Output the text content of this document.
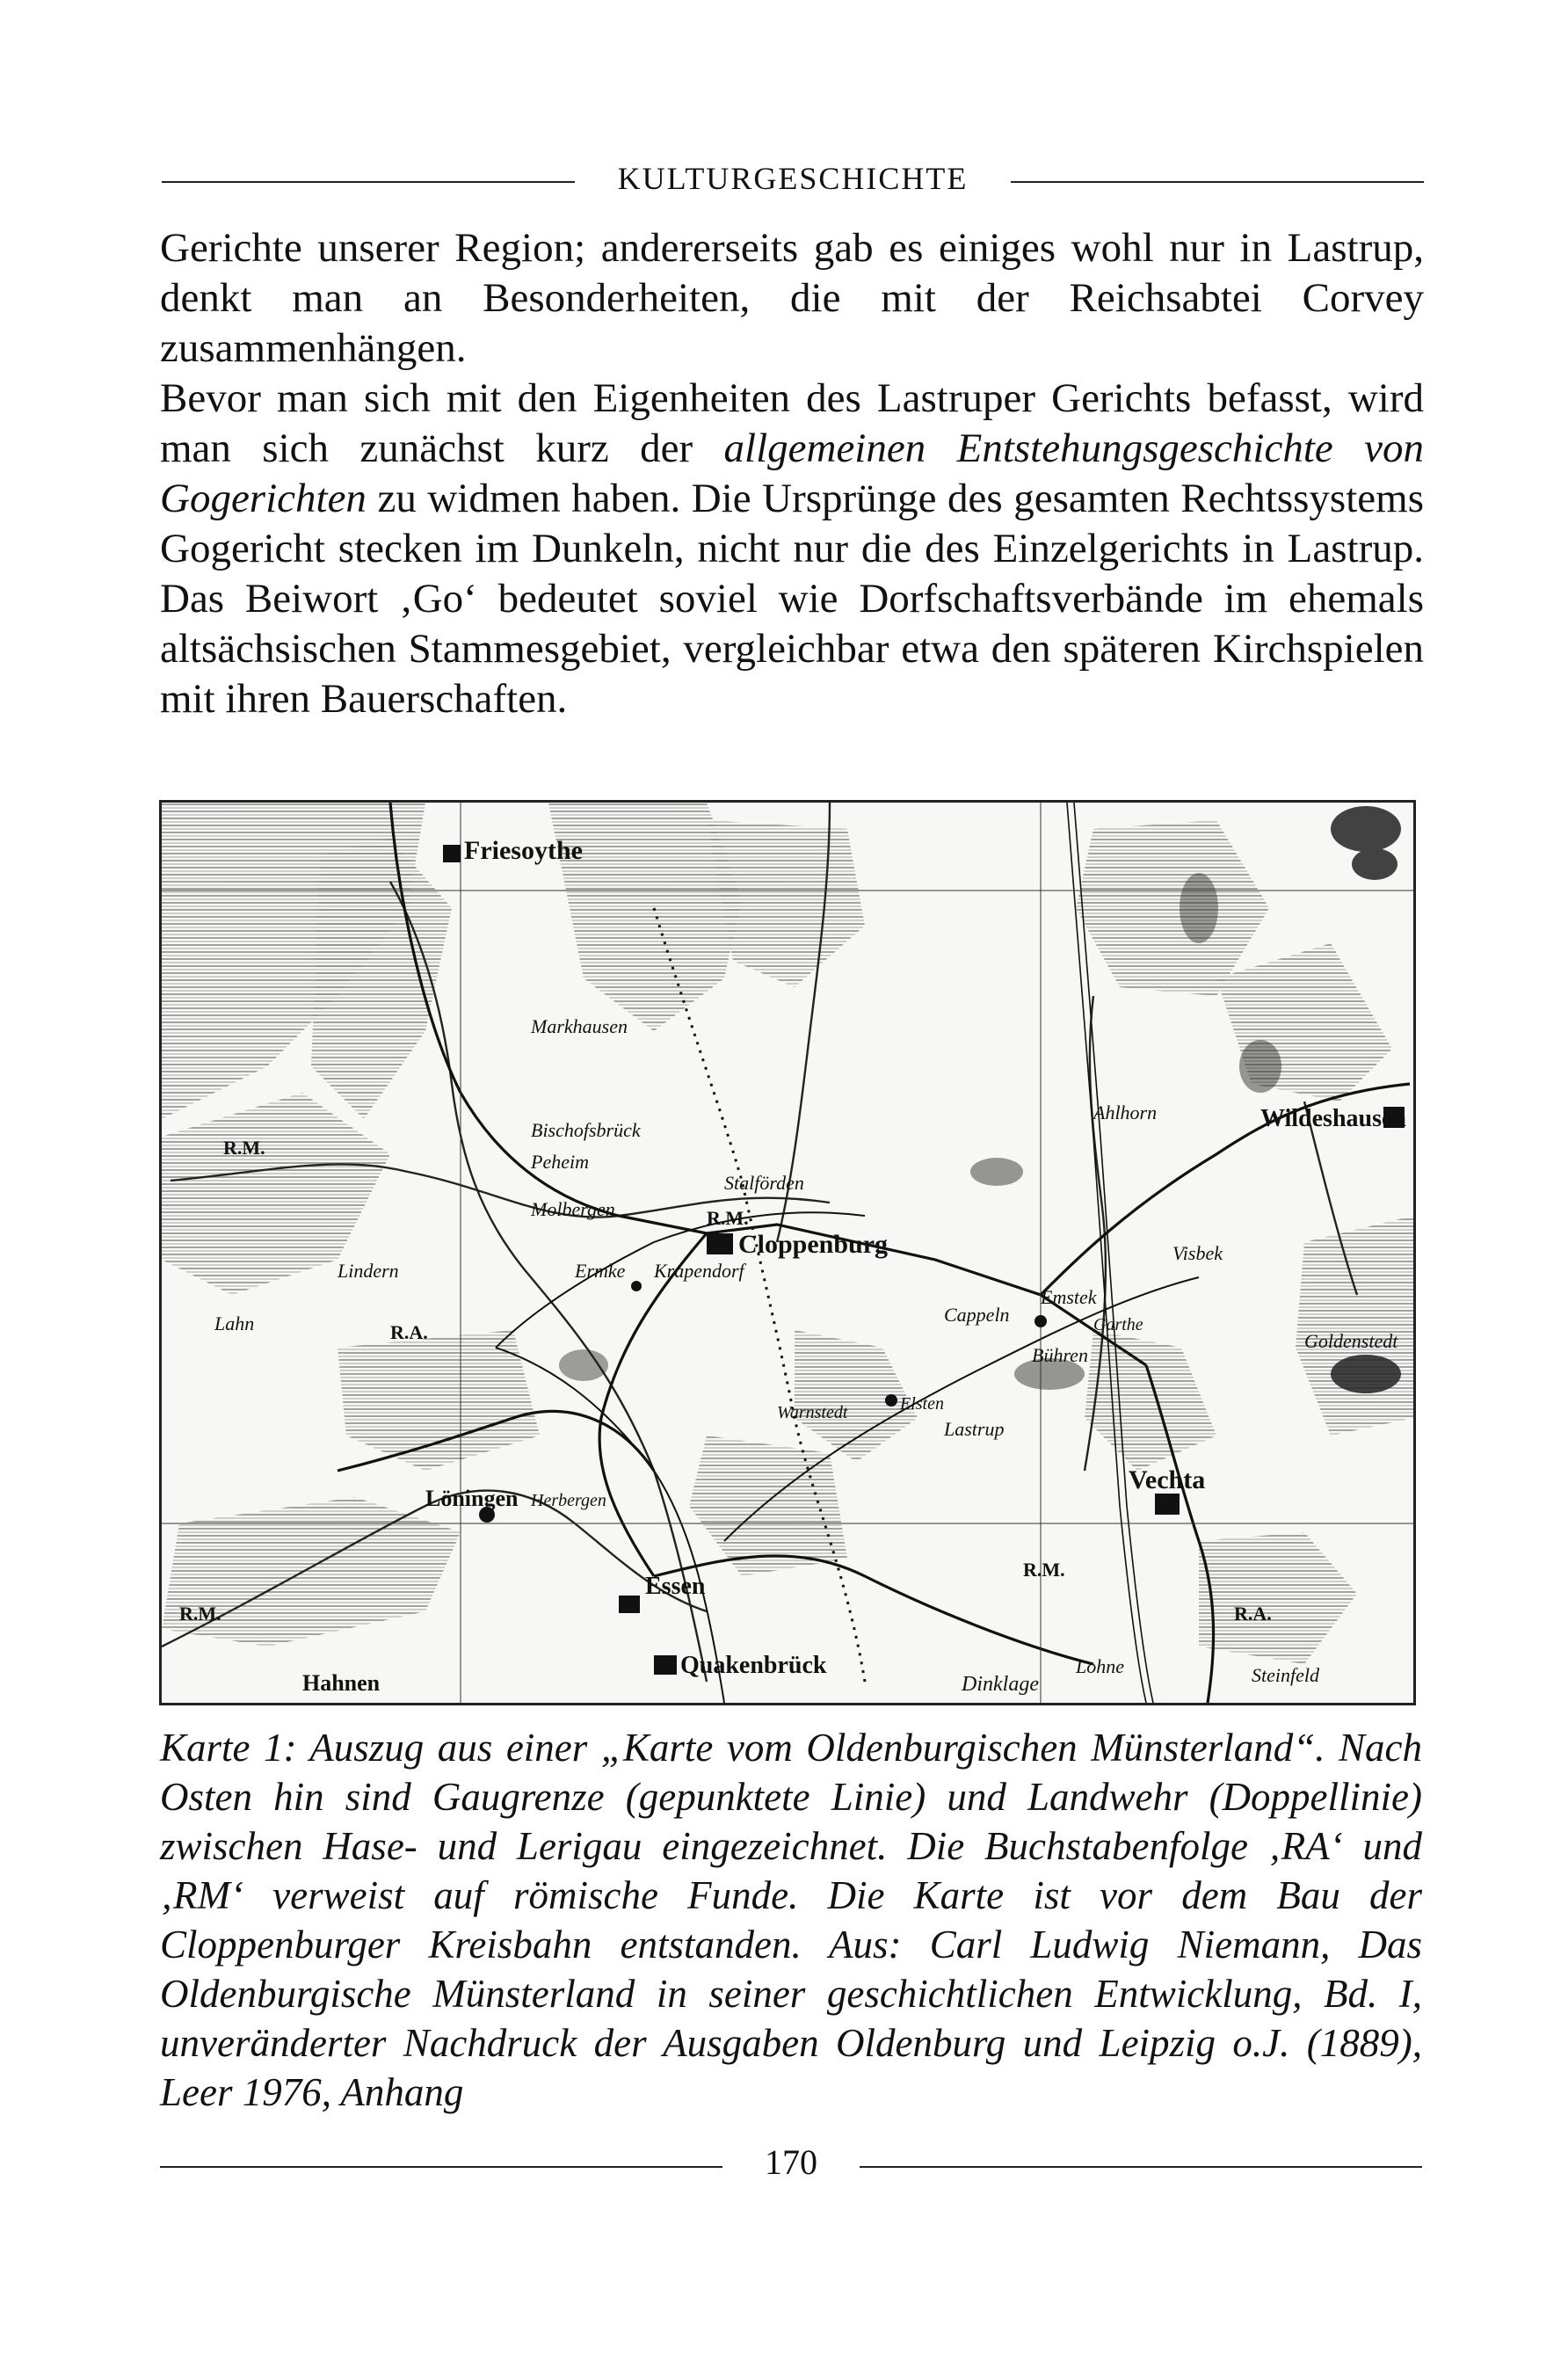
KULTURGESCHICHTE

Gerichte unserer Region; andererseits gab es einiges wohl nur in Lastrup, denkt man an Besonderheiten, die mit der Reichsabtei Corvey zusammenhängen.

Bevor man sich mit den Eigenheiten des Lastruper Gerichts befasst, wird man sich zunächst kurz der allgemeinen Entstehungsgeschichte von Gogerichten zu widmen haben. Die Ursprünge des gesamten Rechtssystems Gogericht stecken im Dunkeln, nicht nur die des Einzelgerichts in Lastrup. Das Beiwort ‚Go‘ bedeutet soviel wie Dorfschaftsverbände im ehemals altsächsischen Stammesgebiet, vergleichbar etwa den späteren Kirchspielen mit ihren Bauerschaften.

Friesoythe
Cloppenburg
Wildeshausen
Vechta
Essen
Quakenbrück
Löningen
Lastrup
Molbergen
Markhausen
Bischofsbrück
Peheim
Stalförden
Emstek
Garthe
Cappeln
Bühren
Elsten
Warnstedt
Lindern
Lahn
Ermke Krapendorf
Dinklage
Lohne	Steinfeld
Visbek
Ahlhorn
Goldenstedt
Herbergen
Hahnen
R.M.
R.A.
R.M.
R.M.
R.A.
R.M.

Karte 1: Auszug aus einer „Karte vom Oldenburgischen Münsterland“. Nach Osten hin sind Gaugrenze (gepunktete Linie) und Landwehr (Doppellinie) zwischen Hase- und Lerigau eingezeichnet. Die Buchstabenfolge ‚RA‘ und ‚RM‘ verweist auf römische Funde. Die Karte ist vor dem Bau der Cloppenburger Kreisbahn entstanden. Aus: Carl Ludwig Niemann, Das Oldenburgische Münsterland in seiner geschichtlichen Entwicklung, Bd. I, unveränderter Nachdruck der Ausgaben Oldenburg und Leipzig o.J. (1889), Leer 1976, Anhang

170
